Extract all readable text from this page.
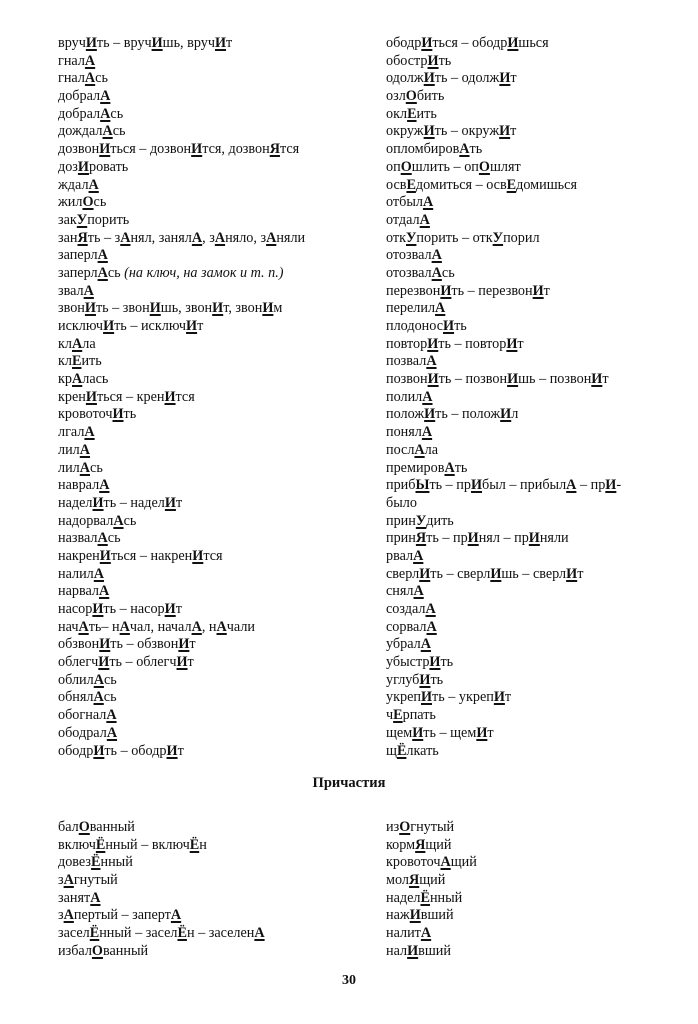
вручИть – вручИшь, вручИт
гналА
гналАсь
добралА
добралАсь
дождалАсь
дозвонИться – дозвонИтся, дозвонЯтся
дозИровать
ждалА
жилОсь
закУпорить
занЯть – зАнял, занялА, зАняло, зАняли
заперлА
заперлАсь (на ключ, на замок и т. п.)
звалА
звонИть – звонИшь, звонИт, звонИм
исключИть – исключИт
клАла
клЕить
крАлась
кренИться – кренИтся
кровоточИть
лгалА
лилА
лилАсь
навралА
наделИть – наделИт
надорвалАсь
назвалАсь
накренИться – накренИтся
налилА
нарвалА
насорИть – насорИт
начАть– нАчал, началА, нАчали
обзвонИть – обзвонИт
облегчИть – облегчИт
облилАсь
обнялАсь
обогналА
ободралА
ободрИть – ободрИт
ободрИться – ободрИшься
обострИть
одолжИть – одолжИт
озлОбить
оклЕить
окружИть – окружИт
опломбировАть
опОшлить – опОшлят
освЕдомиться – освЕдомишься
отбылА
отдалА
откУпорить – откУпорил
отозвалА
отозвалАсь
перезвонИть – перезвонИт
перелилА
плодоносИть
повторИть – повторИт
позвалА
позвонИть – позвонИшь – позвонИт
полилА
положИть – положИл
понялА
послАла
премировАть
прибЫть – прИбыл – прибылА – прИ-
было
принУдить
принЯть – прИнял – прИняли
рвалА
сверлИть – сверлИшь – сверлИт
снялА
создалА
сорвалА
убралА
убыстрИть
углубИть
укрепИть – укрепИт
чЕрпать
щемИть – щемИт
щЁлкать
Причастия
балОванный
включЁнный – включЁн
довезЁнный
зАгнутый
занятА
зАпертый – запертА
заселЁнный – заселЁн – заселенА
избалОванный
изОгнутый
кормЯщий
кровоточАщий
молЯщий
наделЁнный
нажИвший
налитА
налИвший
30
